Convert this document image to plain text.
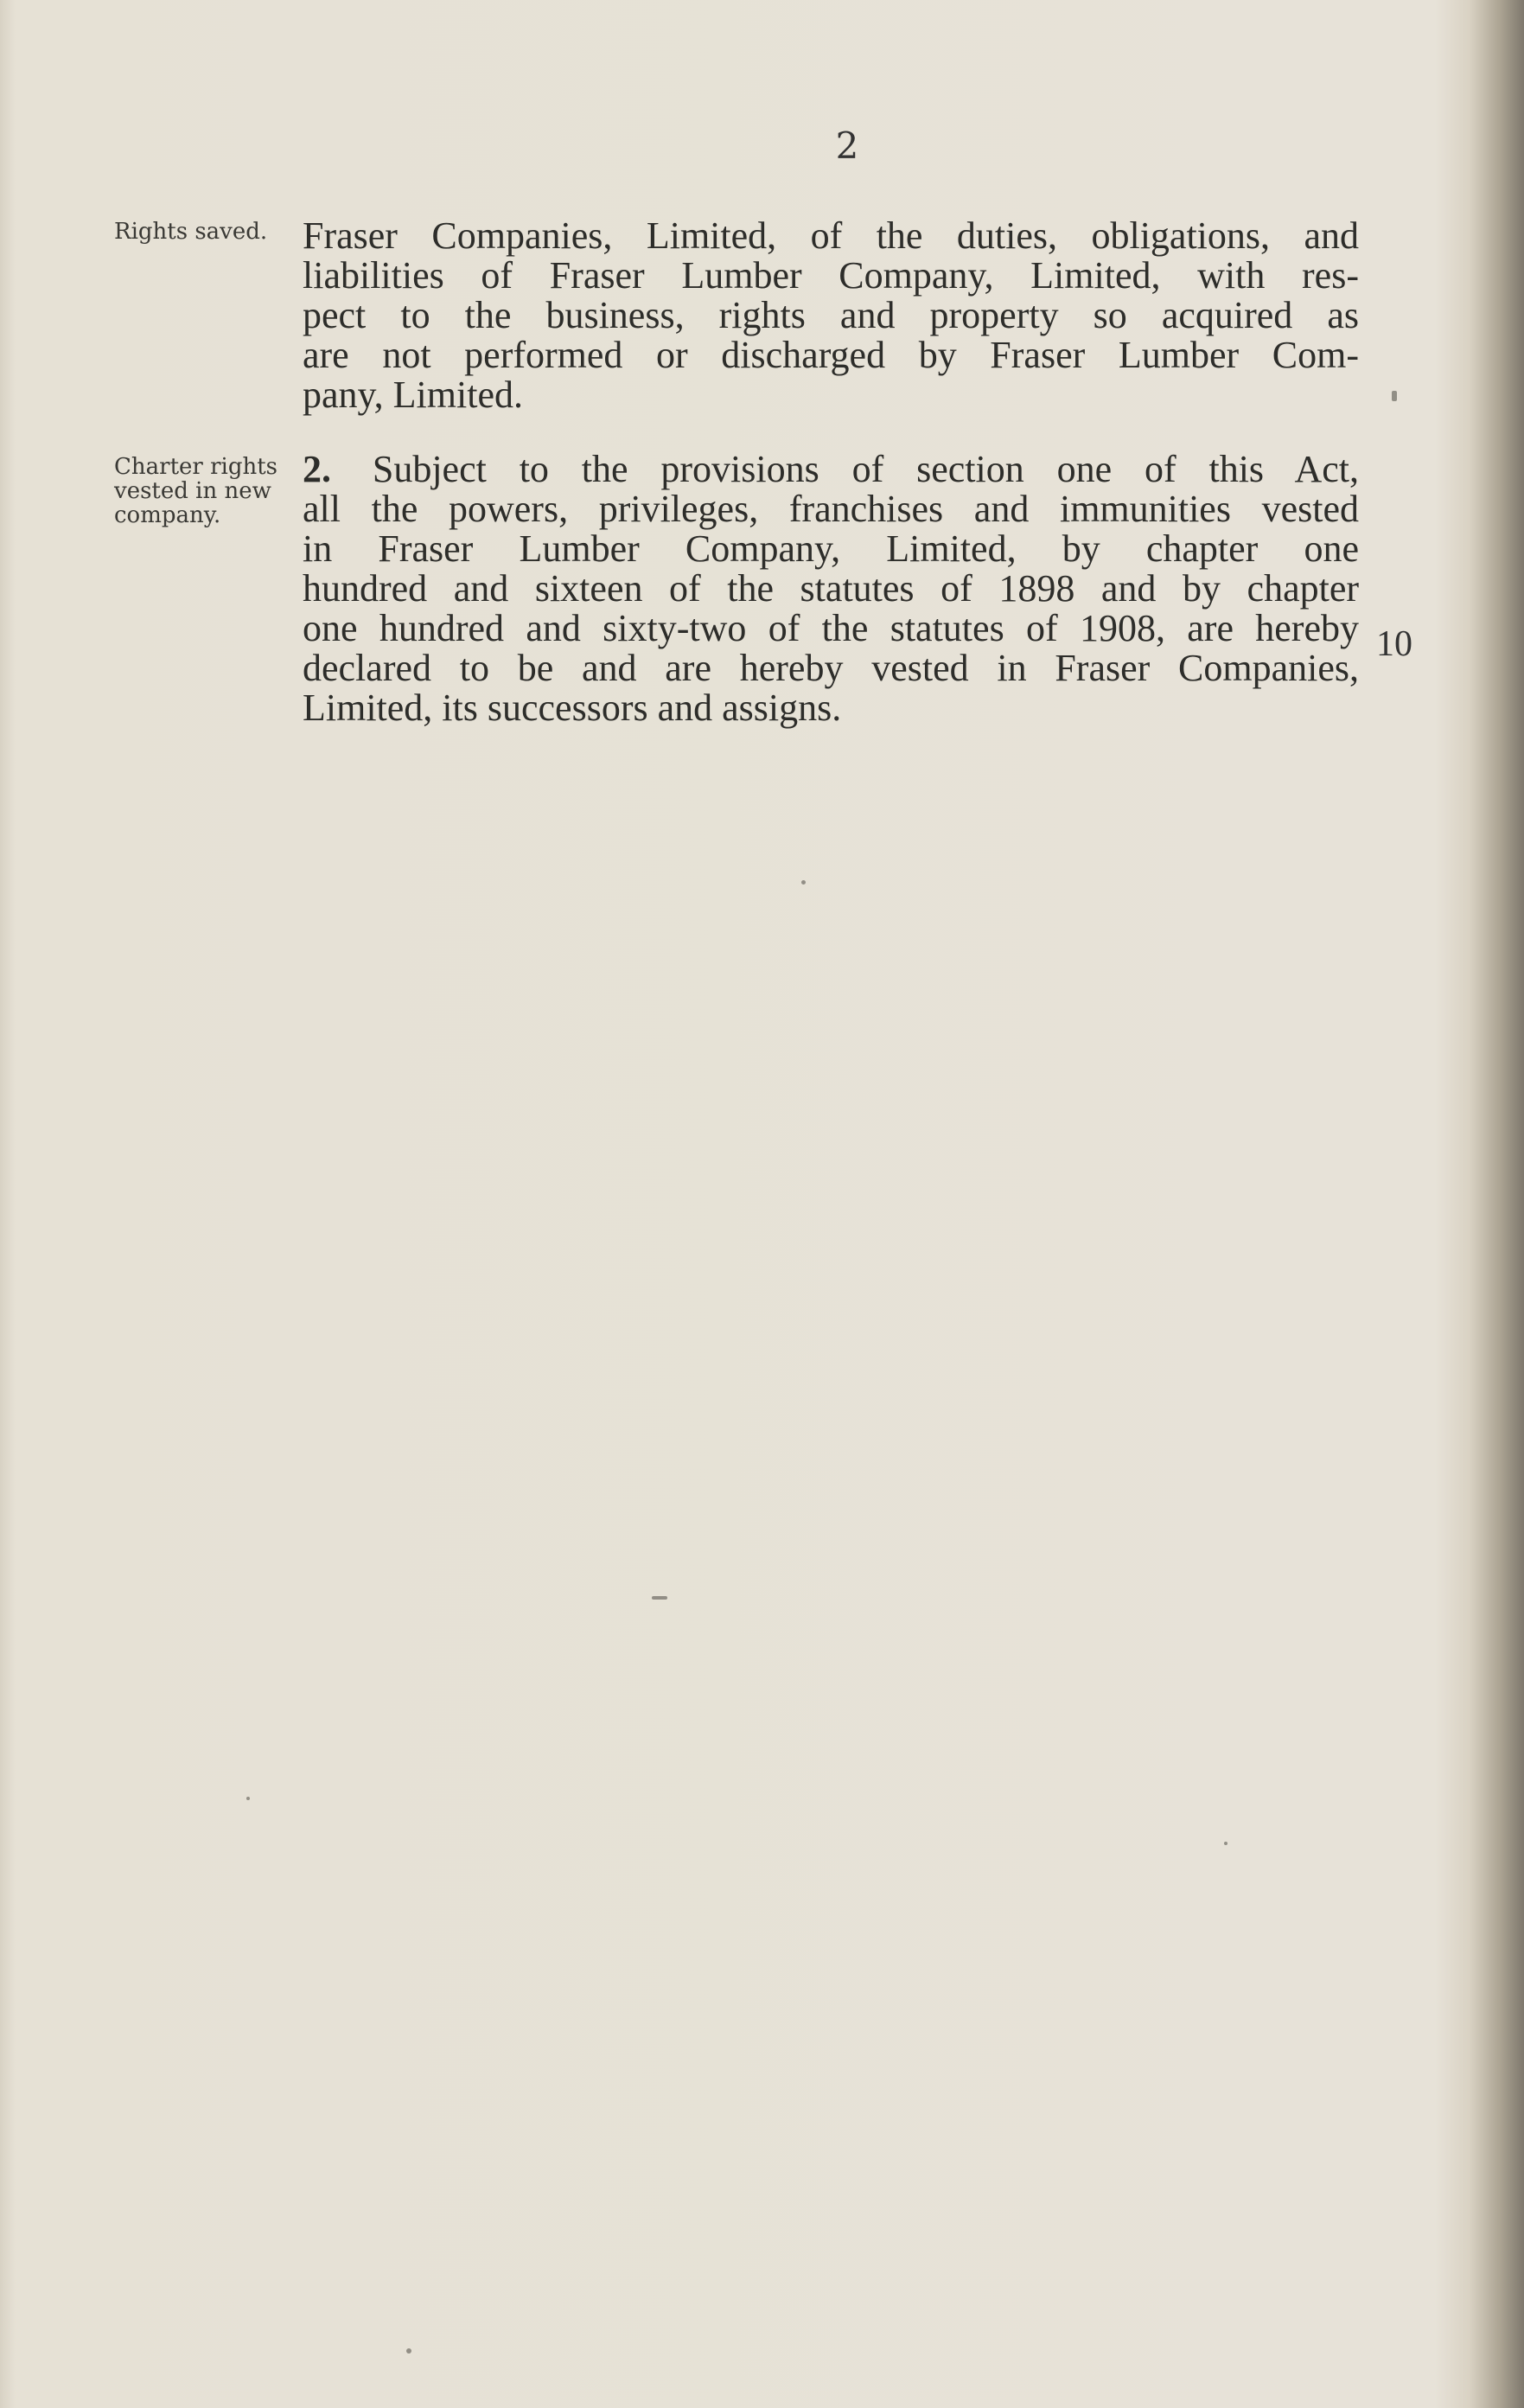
2
Rights saved.
Charter rights vested in new company.
Fraser Companies, Limited, of the duties, obligations, and
liabilities of Fraser Lumber Company, Limited, with res-
pect to the business, rights and property so acquired as
are not performed or discharged by Fraser Lumber Com-
pany, Limited.
2. Subject to the provisions of section one of this Act,
all the powers, privileges, franchises and immunities vested
in Fraser Lumber Company, Limited, by chapter one
hundred and sixteen of the statutes of 1898 and by chapter
one hundred and sixty-two of the statutes of 1908, are hereby
declared to be and are hereby vested in Fraser Companies,
Limited, its successors and assigns.
10
